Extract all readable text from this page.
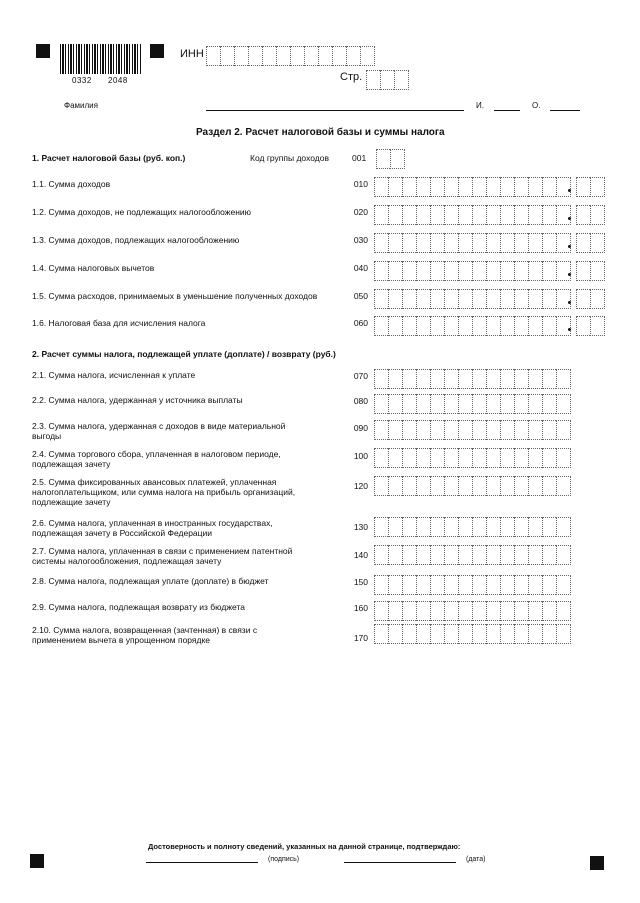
0332 2048
ИНН
Стр.
Фамилия	И.	О.
Раздел 2. Расчет налоговой базы и суммы налога
1. Расчет налоговой базы (руб. коп.)	Код группы доходов	001
1.1. Сумма доходов	010
1.2. Сумма доходов, не подлежащих налогообложению	020
1.3. Сумма доходов, подлежащих налогообложению	030
1.4. Сумма налоговых вычетов	040
1.5. Сумма расходов, принимаемых в уменьшение полученных доходов	050
1.6. Налоговая база для исчисления налога	060
2. Расчет суммы налога, подлежащей уплате (доплате) / возврату (руб.)
2.1. Сумма налога, исчисленная к уплате	070
2.2. Сумма налога, удержанная у источника выплаты	080
2.3. Сумма налога, удержанная с доходов в виде материальной выгоды
090
2.4. Сумма торгового сбора, уплаченная в налоговом периоде, подлежащая зачету
100
2.5. Сумма фиксированных авансовых платежей, уплаченная налогоплательщиком, или сумма налога на прибыль организаций, подлежащие зачету
120
2.6. Сумма налога, уплаченная в иностранных государствах, подлежащая зачету в Российской Федерации
130
2.7. Сумма налога, уплаченная в связи с применением патентной системы налогообложения, подлежащая зачету
140
2.8. Сумма налога, подлежащая уплате (доплате) в бюджет	150
2.9. Сумма налога, подлежащая возврату из бюджета	160
2.10. Сумма налога, возвращенная (зачтенная) в связи с применением вычета в упрощенном порядке	170
Достоверность и полноту сведений, указанных на данной странице, подтверждаю:
(подпись)	(дата)
